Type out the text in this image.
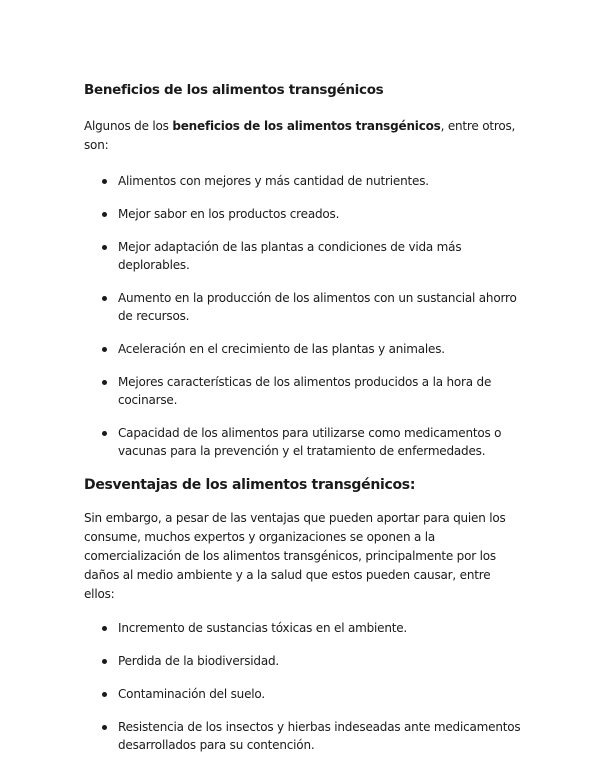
Beneficios de los alimentos transgénicos

Algunos de los beneficios de los alimentos transgénicos, entre otros, son:

Alimentos con mejores y más cantidad de nutrientes.
Mejor sabor en los productos creados.
Mejor adaptación de las plantas a condiciones de vida más deplorables.
Aumento en la producción de los alimentos con un sustancial ahorro de recursos.
Aceleración en el crecimiento de las plantas y animales.
Mejores características de los alimentos producidos a la hora de cocinarse.
Capacidad de los alimentos para utilizarse como medicamentos o vacunas para la prevención y el tratamiento de enfermedades.
Desventajas de los alimentos transgénicos:

Sin embargo, a pesar de las ventajas que pueden aportar para quien los consume, muchos expertos y organizaciones se oponen a la comercialización de los alimentos transgénicos, principalmente por los daños al medio ambiente y a la salud que estos pueden causar, entre ellos:

Incremento de sustancias tóxicas en el ambiente.
Perdida de la biodiversidad.
Contaminación del suelo.
Resistencia de los insectos y hierbas indeseadas ante medicamentos desarrollados para su contención.
